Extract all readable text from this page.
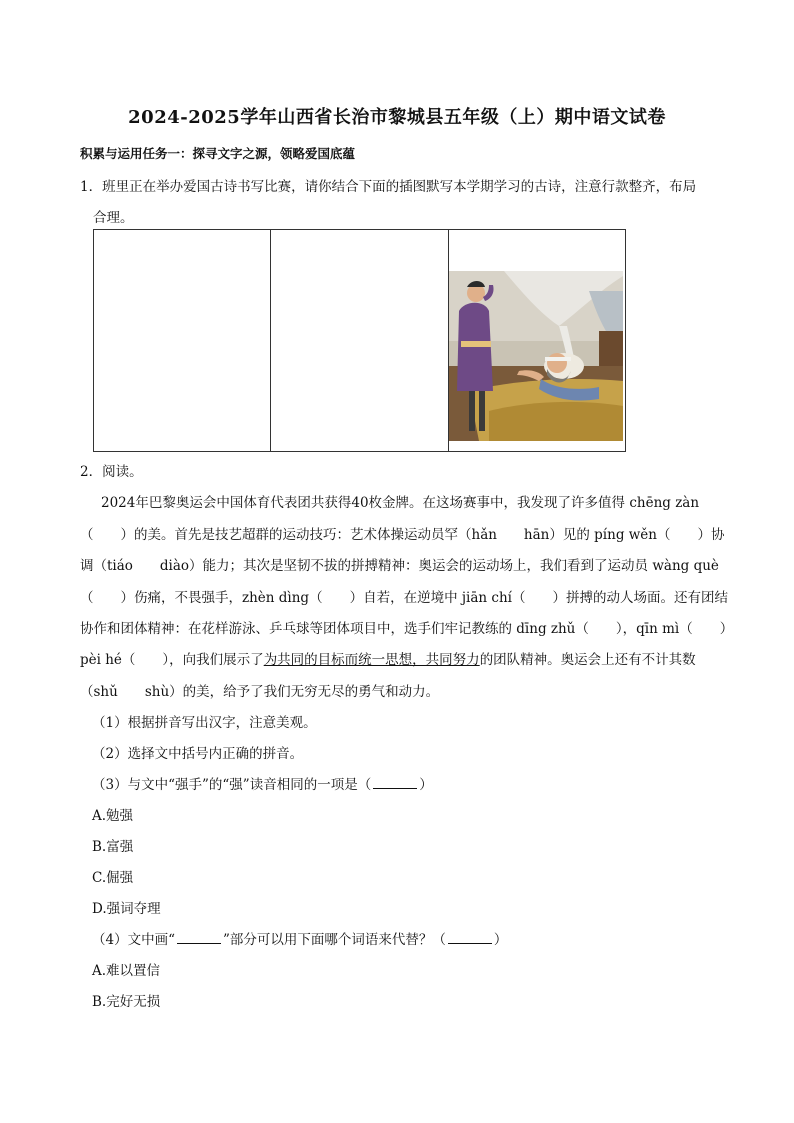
2024-2025学年山西省长治市黎城县五年级（上）期中语文试卷
积累与运用任务一：探寻文字之源，领略爱国底蕴
1．班里正在举办爱国古诗书写比赛，请你结合下面的插图默写本学期学习的古诗，注意行款整齐，布局
合理。

2．阅读。
2024年巴黎奥运会中国体育代表团共获得40枚金牌。在这场赛事中，我发现了许多值得 chēng zàn
（　　）的美。首先是技艺超群的运动技巧：艺术体操运动员罕（hǎn　　hān）见的 píng wěn（　　）协
调（tiáo　　diào）能力；其次是坚韧不拔的拼搏精神：奥运会的运动场上，我们看到了运动员 wàng què
（　　）伤痛，不畏强手，zhèn dìng（　　）自若，在逆境中 jiān chí（　　）拼搏的动人场面。还有团结
协作和团体精神：在花样游泳、乒乓球等团体项目中，选手们牢记教练的 dīng zhǔ（　　），qīn mì（　　）
pèi hé（　　），向我们展示了为共同的目标而统一思想，共同努力的团队精神。奥运会上还有不计其数
（shǔ　　shù）的美，给予了我们无穷无尽的勇气和动力。
（1）根据拼音写出汉字，注意美观。
（2）选择文中括号内正确的拼音。
（3）与文中“强手”的“强”读音相同的一项是（	）
A.勉强
B.富强
C.倔强
D.强词夺理
（4）文中画“	”部分可以用下面哪个词语来代替？（	）
A.难以置信
B.完好无损
